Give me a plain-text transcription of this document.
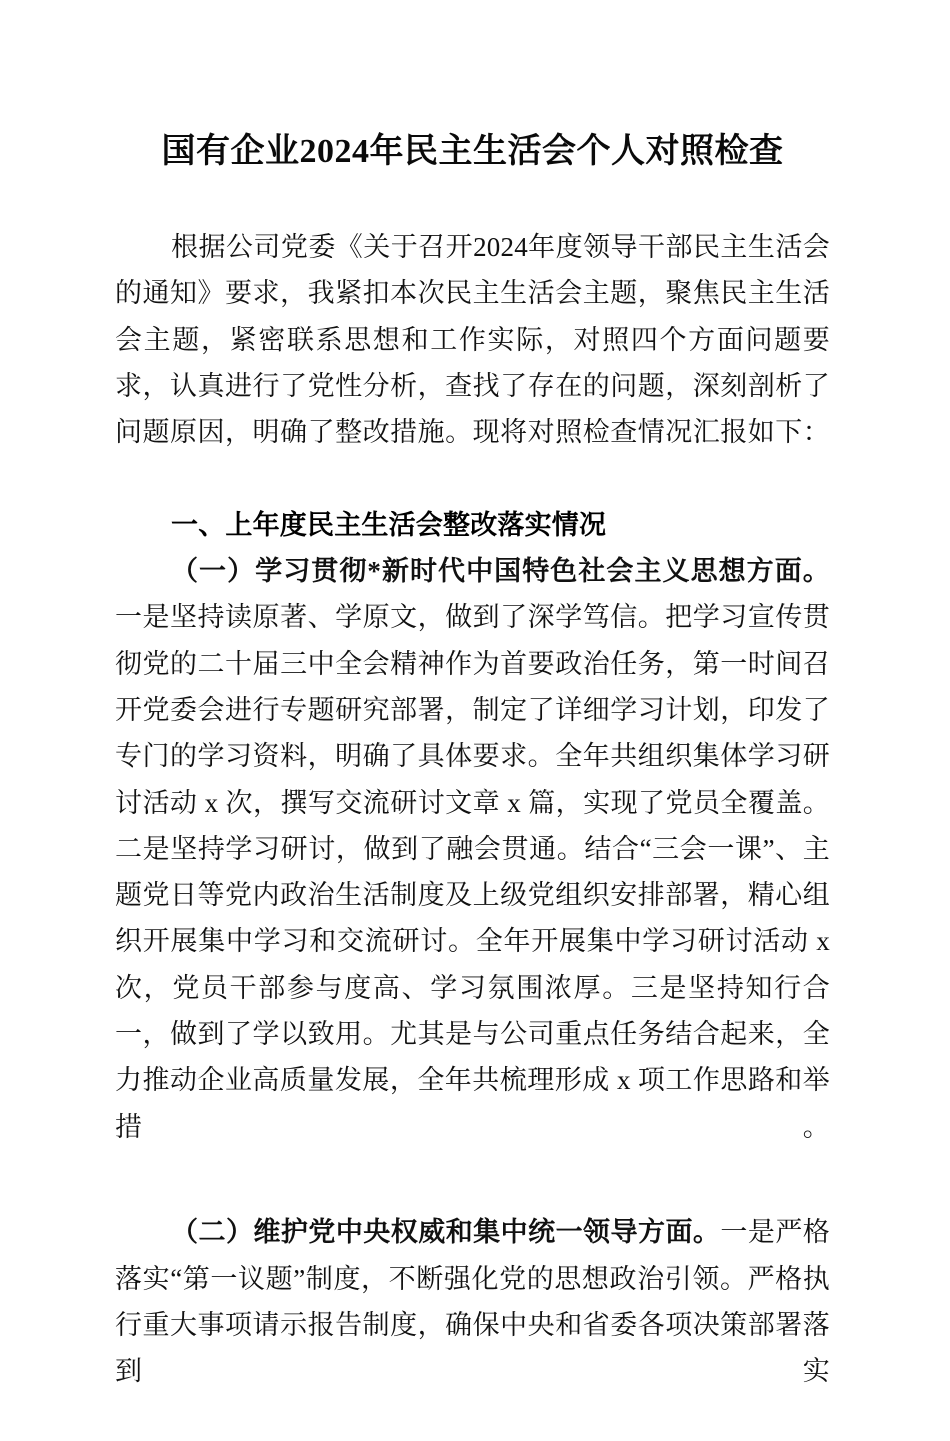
国有企业2024年民主生活会个人对照检查

根据公司党委《关于召开2024年度领导干部民主生活会的通知》要求，我紧扣本次民主生活会主题，聚焦民主生活会主题，紧密联系思想和工作实际，对照四个方面问题要求，认真进行了党性分析，查找了存在的问题，深刻剖析了问题原因，明确了整改措施。现将对照检查情况汇报如下：

一、上年度民主生活会整改落实情况

（一）学习贯彻*新时代中国特色社会主义思想方面。一是坚持读原著、学原文，做到了深学笃信。把学习宣传贯彻党的二十届三中全会精神作为首要政治任务，第一时间召开党委会进行专题研究部署，制定了详细学习计划，印发了专门的学习资料，明确了具体要求。全年共组织集体学习研讨活动 x 次，撰写交流研讨文章 x 篇，实现了党员全覆盖。二是坚持学习研讨，做到了融会贯通。结合“三会一课”、主题党日等党内政治生活制度及上级党组织安排部署，精心组织开展集中学习和交流研讨。全年开展集中学习研讨活动 x 次，党员干部参与度高、学习氛围浓厚。三是坚持知行合一，做到了学以致用。尤其是与公司重点任务结合起来，全力推动企业高质量发展，全年共梳理形成 x 项工作思路和举措。

（二）维护党中央权威和集中统一领导方面。一是严格落实“第一议题”制度，不断强化党的思想政治引领。严格执行重大事项请示报告制度，确保中央和省委各项决策部署落到实
